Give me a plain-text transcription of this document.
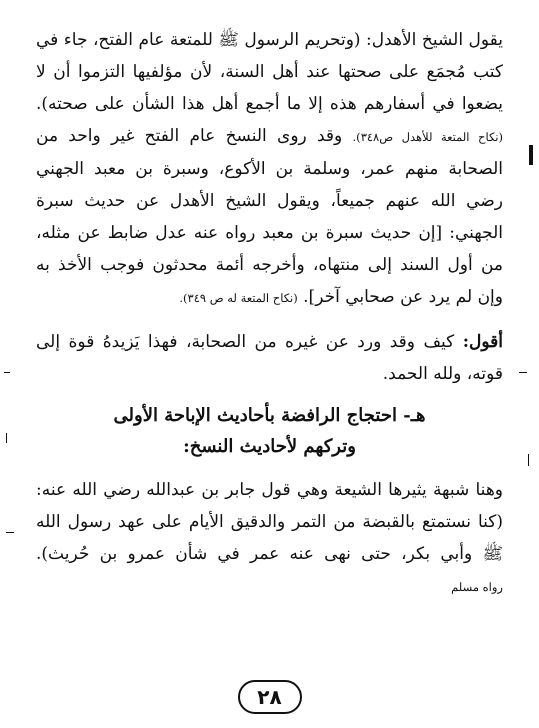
يقول الشيخ الأهدل: (وتحريم الرسول ﷺ للمتعة عام الفتح، جاء في كتب مُجمَع على صحتها عند أهل السنة، لأن مؤلفيها التزموا أن لا يضعوا في أسفارهم هذه إلا ما أجمع أهل هذا الشأن على صحته). (نكاح المتعة للأهدل ص٣٤٨). وقد روى النسخ عام الفتح غير واحد من الصحابة منهم عمر، وسلمة بن الأكوع، وسبرة بن معبد الجهني رضي الله عنهم جميعاً، ويقول الشيخ الأهدل عن حديث سبرة الجهني: [إن حديث سبرة بن معبد رواه عنه عدل ضابط عن مثله، من أول السند إلى منتهاه، وأخرجه أئمة محدثون فوجب الأخذ به وإن لم يرد عن صحابي آخر]. (نكاح المتعة له ص ٣٤٩).

أقول: كيف وقد ورد عن غيره من الصحابة، فهذا يَزيدهُ قوة إلى قوته، ولله الحمد.

هـ- احتجاج الرافضة بأحاديث الإباحة الأولى

وتركهم لأحاديث النسخ:

وهنا شبهة يثيرها الشيعة وهي قول جابر بن عبدالله رضي الله عنه: (كنا نستمتع بالقبضة من التمر والدقيق الأيام على عهد رسول الله ﷺ وأبي بكر، حتى نهى عنه عمر في شأن عمرو بن حُريث). رواه مسلم

٢٨
